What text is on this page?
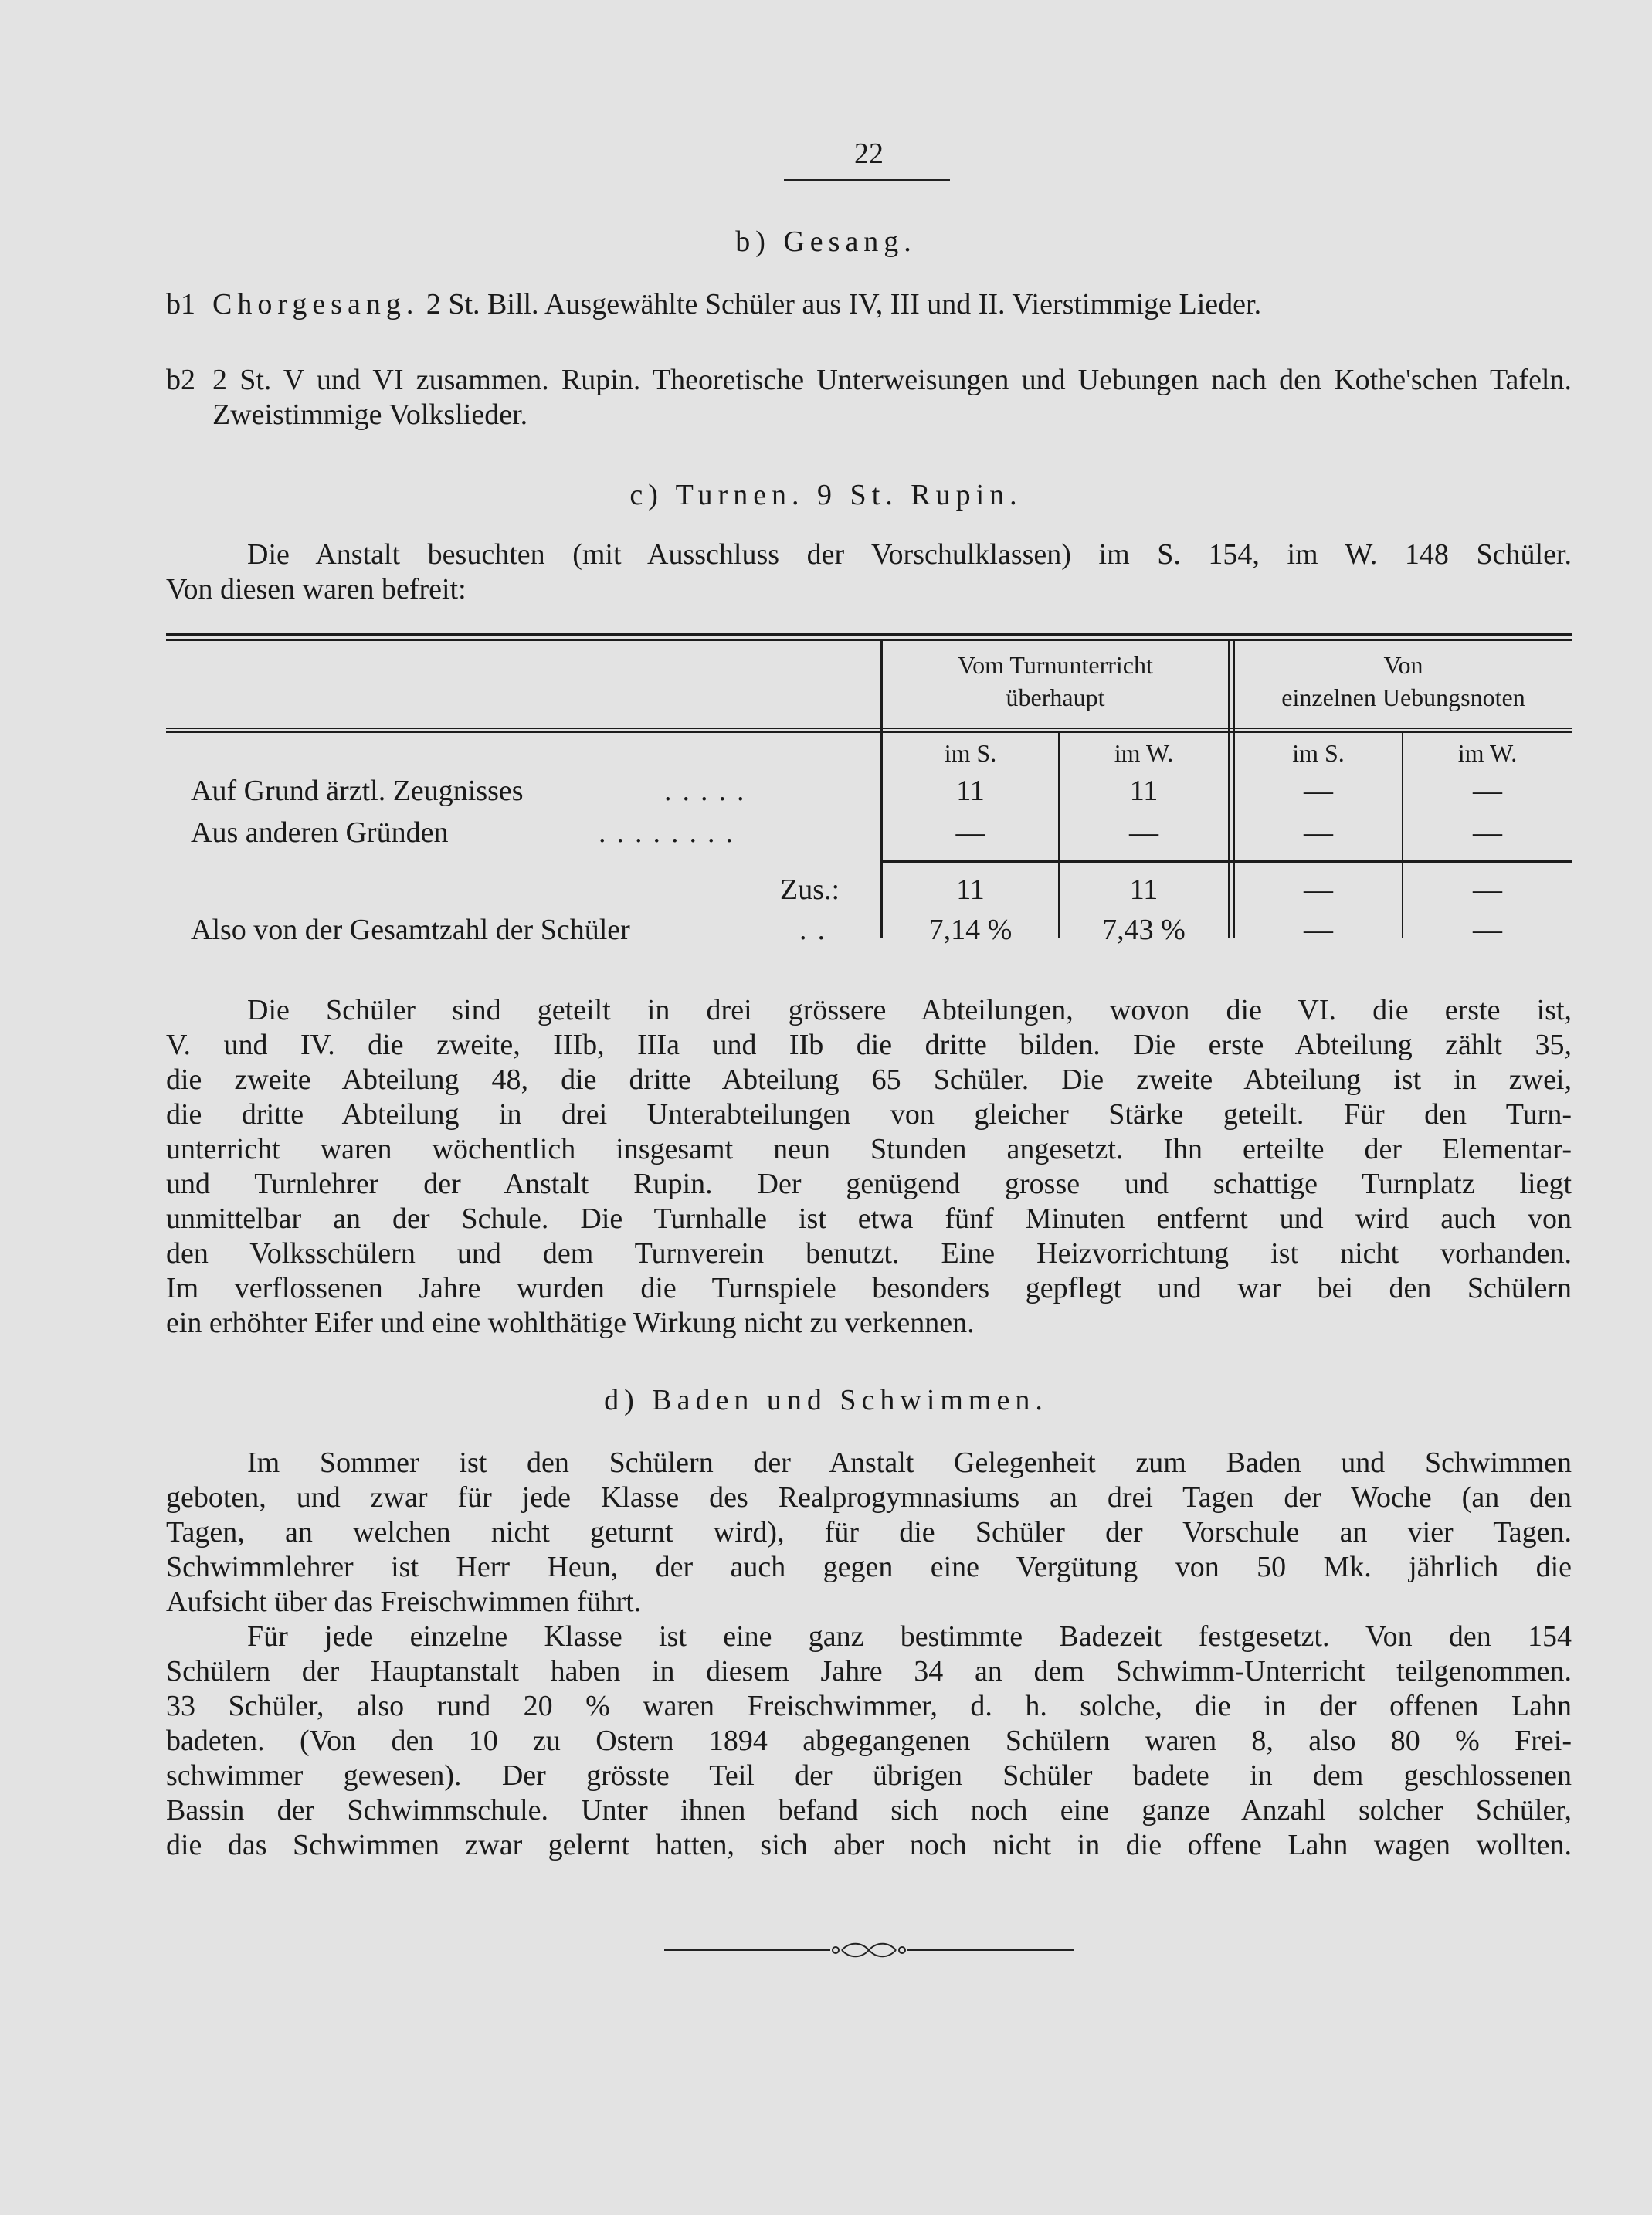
22
b) Gesang.
b1 Chorgesang. 2 St. Bill. Ausgewählte Schüler aus IV, III und II. Vierstimmige Lieder.
b2 2 St. V und VI zusammen. Rupin. Theoretische Unterweisungen und Uebungen nach den Kothe'schen Tafeln. Zweistimmige Volkslieder.
c) Turnen. 9 St. Rupin.
Die Anstalt besuchten (mit Ausschluss der Vorschulklassen) im S. 154, im W. 148 Schüler.
Von diesen waren befreit:
Vom Turnunterricht
überhaupt
Von
einzelnen Uebungsnoten
im S.	im W.	im S.	im W.
Auf Grund ärztl. Zeugnisses	.....	11	11	—	—
Aus anderen Gründen	........	—	—	—	—
Zus.:	11	11	—	—
Also von der Gesamtzahl der Schüler	..	7,14 %	7,43 %	—	—
Die Schüler sind geteilt in drei grössere Abteilungen, wovon die VI. die erste ist,
V. und IV. die zweite, IIIb, IIIa und IIb die dritte bilden. Die erste Abteilung zählt 35,
die zweite Abteilung 48, die dritte Abteilung 65 Schüler. Die zweite Abteilung ist in zwei,
die dritte Abteilung in drei Unterabteilungen von gleicher Stärke geteilt. Für den Turn-
unterricht waren wöchentlich insgesamt neun Stunden angesetzt. Ihn erteilte der Elementar-
und Turnlehrer der Anstalt Rupin. Der genügend grosse und schattige Turnplatz liegt
unmittelbar an der Schule. Die Turnhalle ist etwa fünf Minuten entfernt und wird auch von
den Volksschülern und dem Turnverein benutzt. Eine Heizvorrichtung ist nicht vorhanden.
Im verflossenen Jahre wurden die Turnspiele besonders gepflegt und war bei den Schülern
ein erhöhter Eifer und eine wohlthätige Wirkung nicht zu verkennen.
d) Baden und Schwimmen.
Im Sommer ist den Schülern der Anstalt Gelegenheit zum Baden und Schwimmen
geboten, und zwar für jede Klasse des Realprogymnasiums an drei Tagen der Woche (an den
Tagen, an welchen nicht geturnt wird), für die Schüler der Vorschule an vier Tagen.
Schwimmlehrer ist Herr Heun, der auch gegen eine Vergütung von 50 Mk. jährlich die
Aufsicht über das Freischwimmen führt.
Für jede einzelne Klasse ist eine ganz bestimmte Badezeit festgesetzt. Von den 154
Schülern der Hauptanstalt haben in diesem Jahre 34 an dem Schwimm-Unterricht teilgenommen.
33 Schüler, also rund 20 % waren Freischwimmer, d. h. solche, die in der offenen Lahn
badeten. (Von den 10 zu Ostern 1894 abgegangenen Schülern waren 8, also 80 % Frei-
schwimmer gewesen). Der grösste Teil der übrigen Schüler badete in dem geschlossenen
Bassin der Schwimmschule. Unter ihnen befand sich noch eine ganze Anzahl solcher Schüler,
die das Schwimmen zwar gelernt hatten, sich aber noch nicht in die offene Lahn wagen wollten.
